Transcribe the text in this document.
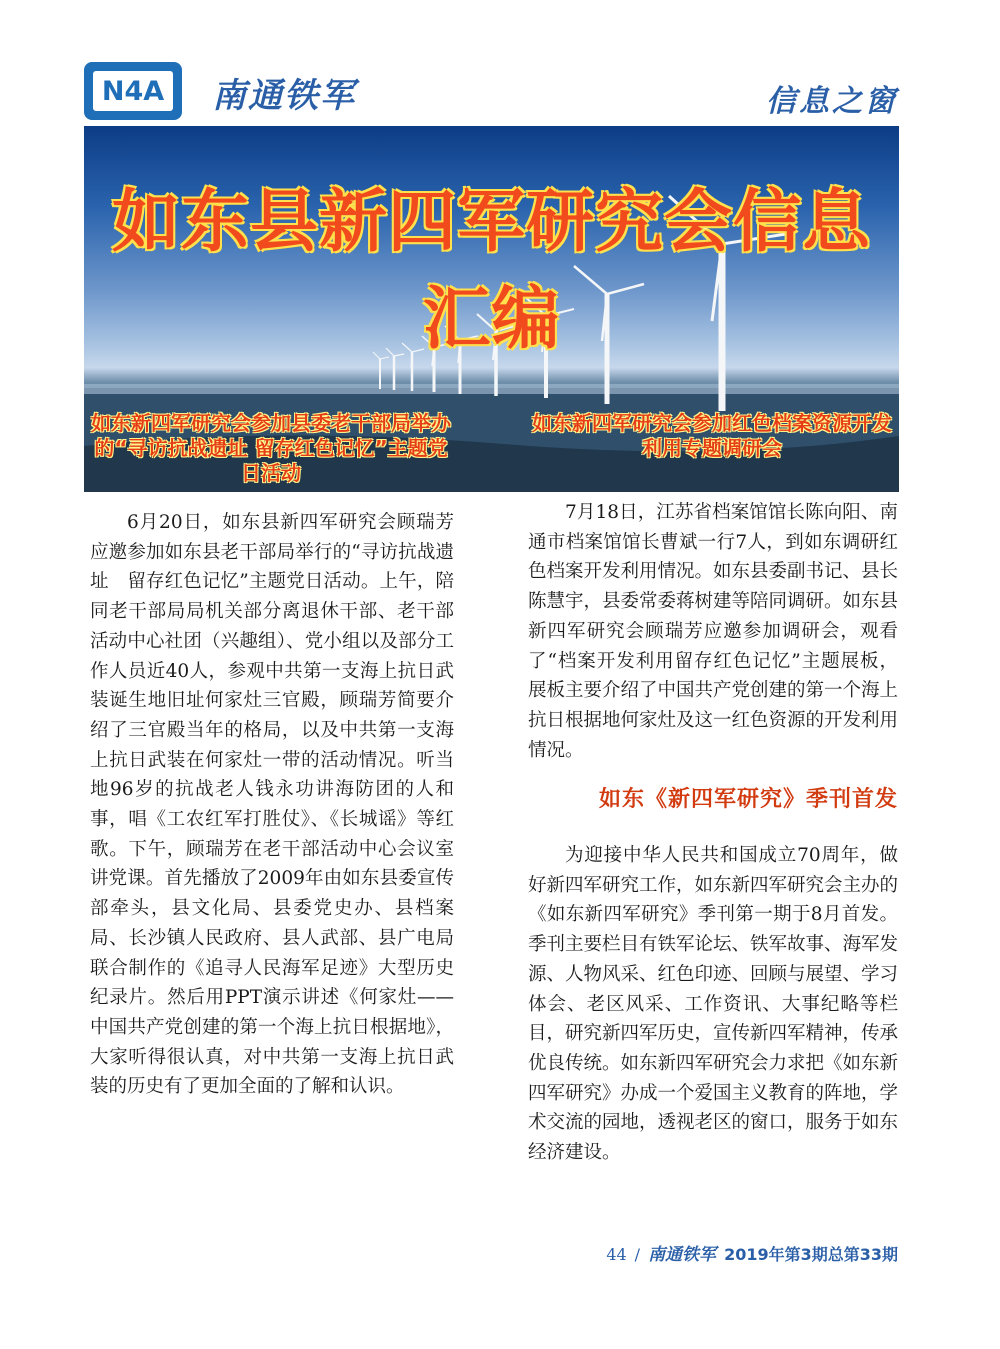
N4A	南通铁军	信息之窗
如东县新四军研究会信息汇编
如东新四军研究会参加县委老干部局举办的“寻访抗战遗址 留存红色记忆”主题党日活动
如东新四军研究会参加红色档案资源开发利用专题调研会

6月20日，如东县新四军研究会顾瑞芳应邀参加如东县老干部局举行的“寻访抗战遗址　留存红色记忆”主题党日活动。上午，陪同老干部局局机关部分离退休干部、老干部活动中心社团（兴趣组）、党小组以及部分工作人员近40人，参观中共第一支海上抗日武装诞生地旧址何家灶三官殿，顾瑞芳简要介绍了三官殿当年的格局，以及中共第一支海上抗日武装在何家灶一带的活动情况。听当地96岁的抗战老人钱永功讲海防团的人和事，唱《工农红军打胜仗》、《长城谣》等红歌。下午，顾瑞芳在老干部活动中心会议室讲党课。首先播放了2009年由如东县委宣传部牵头，县文化局、县委党史办、县档案局、长沙镇人民政府、县人武部、县广电局联合制作的《追寻人民海军足迹》大型历史纪录片。然后用PPT演示讲述《何家灶——中国共产党创建的第一个海上抗日根据地》，大家听得很认真，对中共第一支海上抗日武装的历史有了更加全面的了解和认识。

7月18日，江苏省档案馆馆长陈向阳、南通市档案馆馆长曹斌一行7人，到如东调研红色档案开发利用情况。如东县委副书记、县长陈慧宇，县委常委蒋树建等陪同调研。如东县新四军研究会顾瑞芳应邀参加调研会，观看了“档案开发利用留存红色记忆”主题展板，展板主要介绍了中国共产党创建的第一个海上抗日根据地何家灶及这一红色资源的开发利用情况。

如东《新四军研究》季刊首发

为迎接中华人民共和国成立70周年，做好新四军研究工作，如东新四军研究会主办的《如东新四军研究》季刊第一期于8月首发。季刊主要栏目有铁军论坛、铁军故事、海军发源、人物风采、红色印迹、回顾与展望、学习体会、老区风采、工作资讯、大事纪略等栏目，研究新四军历史，宣传新四军精神，传承优良传统。如东新四军研究会力求把《如东新四军研究》办成一个爱国主义教育的阵地，学术交流的园地，透视老区的窗口，服务于如东经济建设。

44 / 南通铁军 2019年第3期总第33期
